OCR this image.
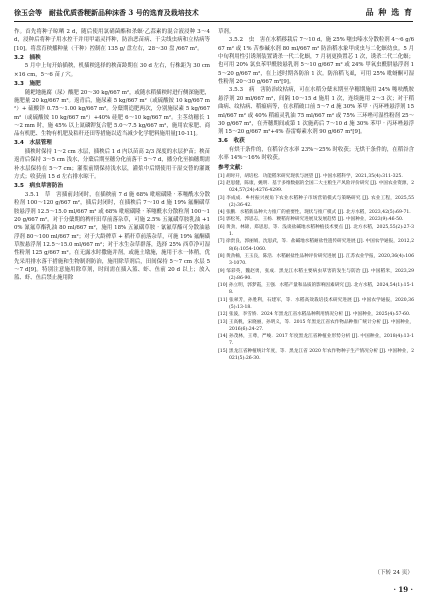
徐玉会等　耐盐优质香粳新品种沫香 3 号的选育及栽培技术	品 种 选 育

作。首先将种子晾晒 2 d，随后使用氯硝菌酯和杀螟·乙蒜素的混合液浸种 3～4 d，浸种后将种子用水控干并用甲霜灵拌种，防治恶苗病、干尖线虫病和立枯病等[10]。将盘育秧播种量（干种）控制在 135 g/ 盘左右，28～30 盘 /667 m²。

3.2　插秧

5 月中上旬开始插秧，机插秧选择的秧苗龄期在 30 d 左右，行株距为 30 cm×16 cm，5～6 苗 / 穴。

3.3　施肥

随耙地施腐（尿）酸肥 20～30 kg/667 m²，或随水稻插秧时进行侧深施肥，施肥量 20 kg/667 m²。返青后，施尿素 5 kg/667 m²（或硫酸铵 10 kg/667 m²）+ 硫酸锌 0.75～1.00 kg/667 m²。分蘖期追肥两次，分别施尿素 5 kg/667 m²（或硫酸铵 10 kg/667 m²）+40% 硅肥 6～10 kg/667 m²。主茎幼穗长 1～2 mm 时，施 45% 以上氮磷钾复合肥 5.0～7.5 kg/667 m²，施用农家肥、商品有机肥、生物有机肥及秸秆还田等措施以适当减少化学肥料施用量[10-11]。

3.4　水层管理

插秧时保持 1～2 cm 水层，插秧后 1 d 内以苗高 2/3 深度的水层护苗；秧苗返青后保持 3～5 cm 浅水，分蘖后期至穗分化前落干 5～7 d，播分化至抽穗期需补水层保持在 5～7 cm；灌浆前期保持浅水层，灌浆中后期使用干湿交替的灌溉方式；收获前 15 d 左右排水晾干。

3.5　病虫草害防治

3.5.1　草　害插前封闭时，在插秧前 7 d 施 68% 吡嘧磺隆 · 苯噻酰水分散粒剂 100～120 g/667 m²，插后封闭时，在插秧后 7～10 d 施 19% 氟酮磺草胺悬浮剂 12.5～15.0 ml/667 m² 或 68% 吡嘧磺隆 · 苯噻酰水分散粒剂 100～120 g/667 m²。对于分蘖期的稗杆田草前落杂草，可施 2.5% 五氟磺草胺乳油 +10% 氰氟草酯乳油 80 ml/667 m²，施用 18% 五氟磺草胺 · 氰氟草酯可分散油悬浮剂 80～100 ml/667 m²；对于大龄稗草 + 稻秆草前落杂草，可施 19% 氟酮磺草胺悬浮剂 12.5～15.0 ml/667 m²；对于水生杂草群落，选择 25% 西草净可湿性粉剂 125 g/667 m²。在无露水时撒施并剂，或施土墩施，施用于水一体稍，优先采用排水落干措施和生物制剂防治，施用除草剂后，田间保持 5～7 cm 水层 5～7 d[9]。特别注意施用除草剂，时间需在插入篮、虾、鱼前 20 d 以上；放入篮、虾、鱼后禁止施用除

草剂。

3.5.2　虫　害在水稻移栽后 7～10 d，施 25% 噻虫嗪水分散粒剂 4～6 g/667 m² 或 1% 苦参碱水剂 80 ml/667 m² 防治稻水象甲成虫与二化螟幼虫。5 月中旬利用性引诱剂装置诱杀一代二化螟，7 月初更换置芯 1 次，诱杀二代二化螟；也可用 20% 氯虫苯甲酰胺悬乳剂 5～10 g/667 m² 或 24% 甲氧虫酰肼悬浮剂 15～20 g/667 m²，在上述时期各防治 1 次。防治稻飞虱，可用 25% 吡蚜酮可湿性粉剂 20～30 g/667 m²[9]。

3.5.3　病　害防治纹枯病，可在水稻分蘖末期至孕穗期施用 24% 噻呋酰胺悬浮剂 20 ml/667 m²，间隔 10～15 d 施用 1 次，连续施用 2～3 次；对于稻曲病、纹枯病、稻瘟病等，在水稻破口前 5～7 d 施 30% 苯甲 · 丙环唑悬浮剂 15 ml/667 m² 或 40% 稻瘟灵乳油 75 ml/667 m² 或 75% 三环唑可湿性粉剂 25～30 g/667 m²，在齐穗期间或第 1 次施药后 7～10 d 施 30% 苯甲 · 丙环唑悬浮剂 15～20 g/667 m²+4% 春雷霉素水剂 90 g/667 m²[9]。

3.6　收获

有烘干条件的，在稻谷含水率 23%～25% 时收获；无烘干条件的，在稻谷含水率 14%～16% 时收获。

参考文献：

[1] 胡时开，胡培松．功能稻米研究现状与展望 [J]. 中国水稻科学，2021,35(4):311-325.

[2] 赵思健，陈康，姚明．基于多维数据的全国二大主粮生产风险评价研究 [J]. 中国农业资源，2024,57(24):4276-4299.

[3] 李成成．乡村振兴视角下农业水稻种子市场营销模式与策略研究 [J]. 农业工程，2025,55(2):36-42.

[4] 张鹏．水稻新品种大力推广的重要性、现状与推广模式 [J]. 北方水稻，2023,42(5):69-71.

[5] 郭松英，郭思志，王杨．粳稻育种研究进展及发展趋势 [J]. 中国种业，2023(9):46-50.

[6] 黄劲，林锦，郑思思，等．浅谈盐碱地水稻种植技术要点 [J]. 北方水稻，2025,55(2):27-31.

[7] 徐贵良，郭丽娟，沈思武，等．盐碱地水稻耐盐性遗传研究进展 [J]. 中国农学通报，2012,28(6):1054-1060.

[8] 黄劲楠，王玉良，陈浩．水稻耐盐性品种评价研究进展 [J]. 江苏农业学报，2020,36(4):1063-1070.

[9] 邹彩英，魏赵勇，张成．黑龙江水稻主要病虫草害的发生与防治 [J]. 中国稻米，2023,29(2):86-90.

[10] 孙立明，郭梦霞，王强．水稻产量和品质的影响因素研究 [J]. 北方水稻，2024,54(1):15-18.

[11] 张翠芳，孙胜利，石建军，等．水稻高效栽培技术研究进展 [J]. 中国农学通报，2020,36(5):13-18.

[12] 张波，李雪娇．2024 年黑龙江省水稻品种利用情况分析 [J]. 中国种业，2025(4):57-60.

[13] 王高帆，宋晓丽，孙明义，等．2015 年黑龙江省农作物品种推广统计分析 [J]. 中国种业，2016(6):24-27.

[14] 孙茂林，王尊，严峻．2017 年度黑龙江省种植业形势分析 [J]. 中国种业，2018(4):13-17.

[15] 黑龙江省种植统计年度，等．黑龙江省 2020 年农作物种子生产情况分析 [J]. 中国种业，2021(5):26-30.

（下转 24 页）
· 19 ·
